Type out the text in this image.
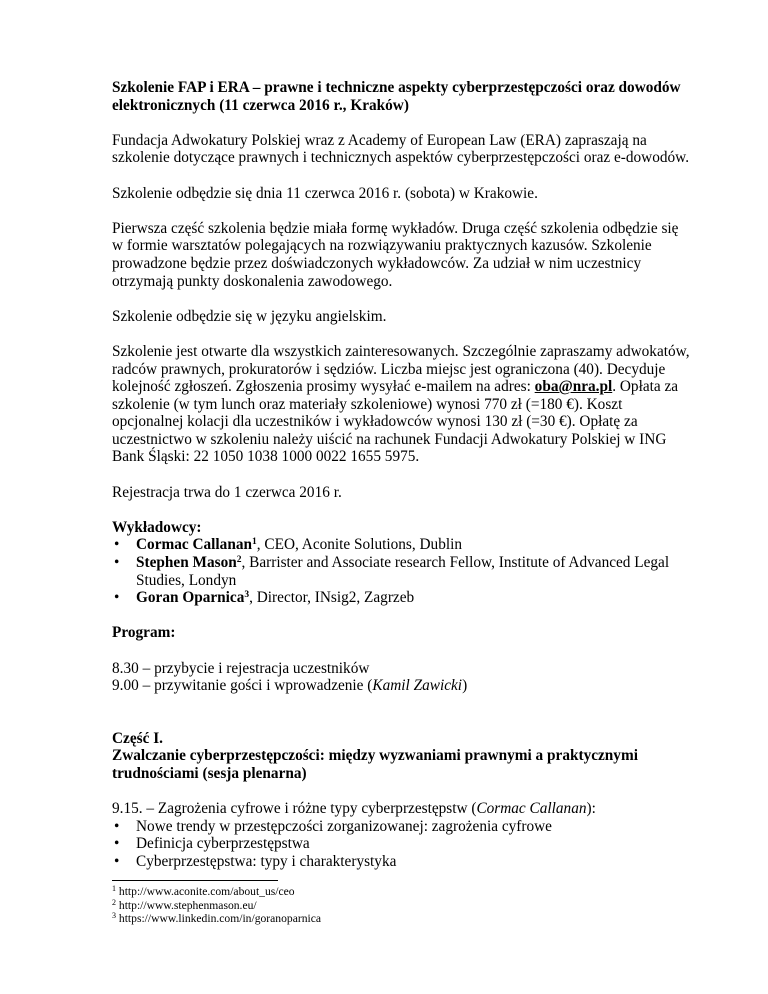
Szkolenie FAP i ERA – prawne i techniczne aspekty cyberprzestępczości oraz dowodów elektronicznych (11 czerwca 2016 r., Kraków)

Fundacja Adwokatury Polskiej wraz z Academy of European Law (ERA) zapraszają na szkolenie dotyczące prawnych i technicznych aspektów cyberprzestępczości oraz e-dowodów.

Szkolenie odbędzie się dnia 11 czerwca 2016 r. (sobota) w Krakowie.

Pierwsza część szkolenia będzie miała formę wykładów. Druga część szkolenia odbędzie się w formie warsztatów polegających na rozwiązywaniu praktycznych kazusów. Szkolenie prowadzone będzie przez doświadczonych wykładowców. Za udział w nim uczestnicy otrzymają punkty doskonalenia zawodowego.

Szkolenie odbędzie się w języku angielskim.

Szkolenie jest otwarte dla wszystkich zainteresowanych. Szczególnie zapraszamy adwokatów, radców prawnych, prokuratorów i sędziów. Liczba miejsc jest ograniczona (40). Decyduje kolejność zgłoszeń. Zgłoszenia prosimy wysyłać e-mailem na adres: oba@nra.pl. Opłata za szkolenie (w tym lunch oraz materiały szkoleniowe) wynosi 770 zł (=180 €). Koszt opcjonalnej kolacji dla uczestników i wykładowców wynosi 130 zł (=30 €). Opłatę za uczestnictwo w szkoleniu należy uiścić na rachunek Fundacji Adwokatury Polskiej w ING Bank Śląski: 22 1050 1038 1000 0022 1655 5975.

Rejestracja trwa do 1 czerwca 2016 r.

Wykładowcy:

• Cormac Callanan$^1$, CEO, Aconite Solutions, Dublin
• Stephen Mason$^2$, Barrister and Associate research Fellow, Institute of Advanced Legal Studies, Londyn
• Goran Oparnica$^3$, Director, INsig2, Zagrzeb

Program:

8.30 – przybycie i rejestracja uczestników

9.00 – przywitanie gości i wprowadzenie (Kamil Zawicki)

Część I.

Zwalczanie cyberprzestępczości: między wyzwaniami prawnymi a praktycznymi trudnościami (sesja plenarna)

9.15. – Zagrożenia cyfrowe i różne typy cyberprzestępstw (Cormac Callanan):

• Nowe trendy w przestępczości zorganizowanej: zagrożenia cyfrowe
• Definicja cyberprzestępstwa
• Cyberprzestępstwa: typy i charakterystyka
$^1$ http://www.aconite.com/about_us/ceo
$^2$ http://www.stephenmason.eu/
$^3$ https://www.linkedin.com/in/goranoparnica
